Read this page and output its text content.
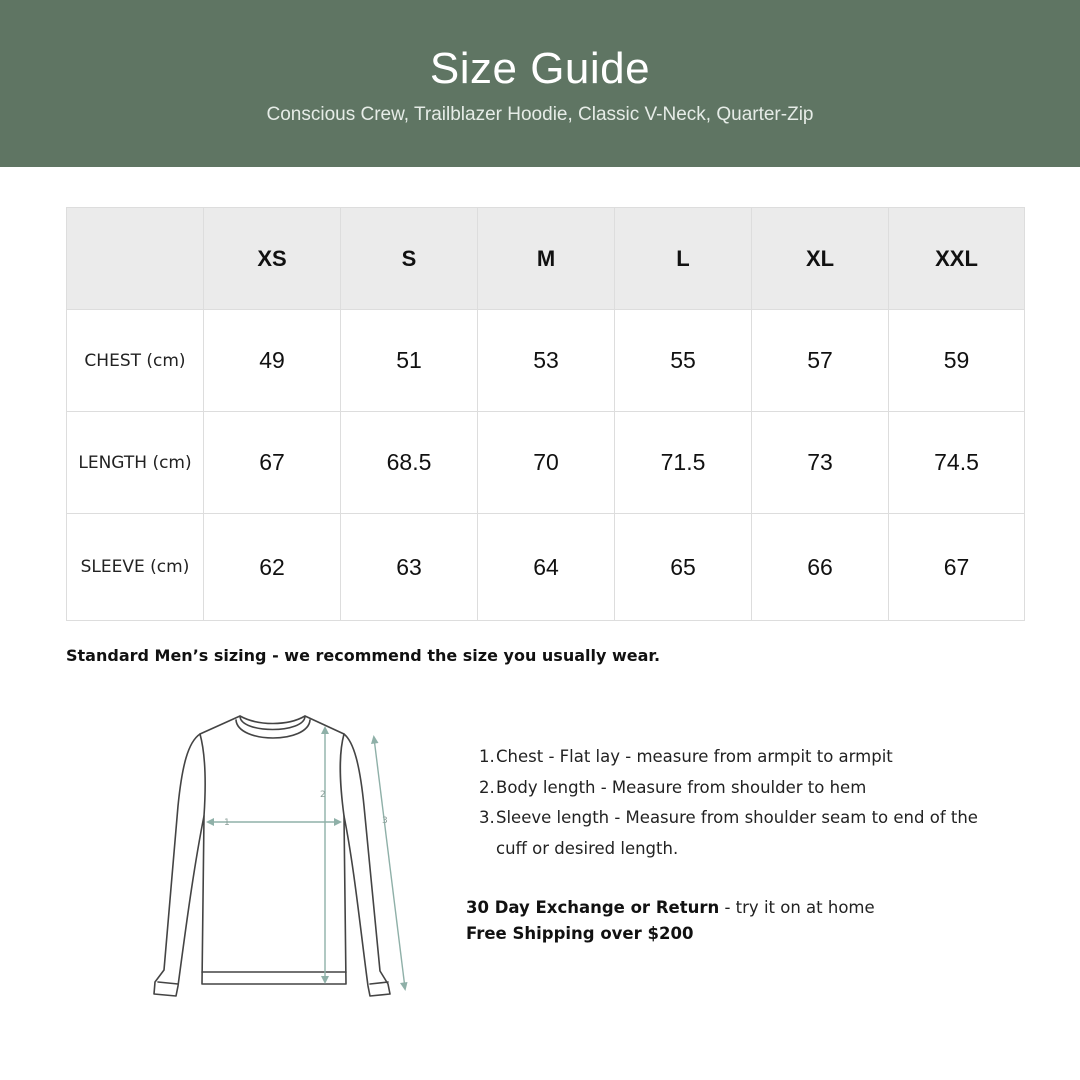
Size Guide
Conscious Crew, Trailblazer Hoodie, Classic V-Neck, Quarter-Zip
	XS	S	M	L	XL	XXL
CHEST (cm)	49	51	53	55	57	59
LENGTH (cm)	67	68.5	70	71.5	73	74.5
SLEEVE (cm)	62	63	64	65	66	67
Standard Men’s sizing - we recommend the size you usually wear.
1
2
3
1. Chest - Flat lay - measure from armpit to armpit
2. Body length - Measure from shoulder to hem
3. Sleeve length - Measure from shoulder seam to end of the cuff or desired length.
30 Day Exchange or Return - try it on at home
Free Shipping over $200
